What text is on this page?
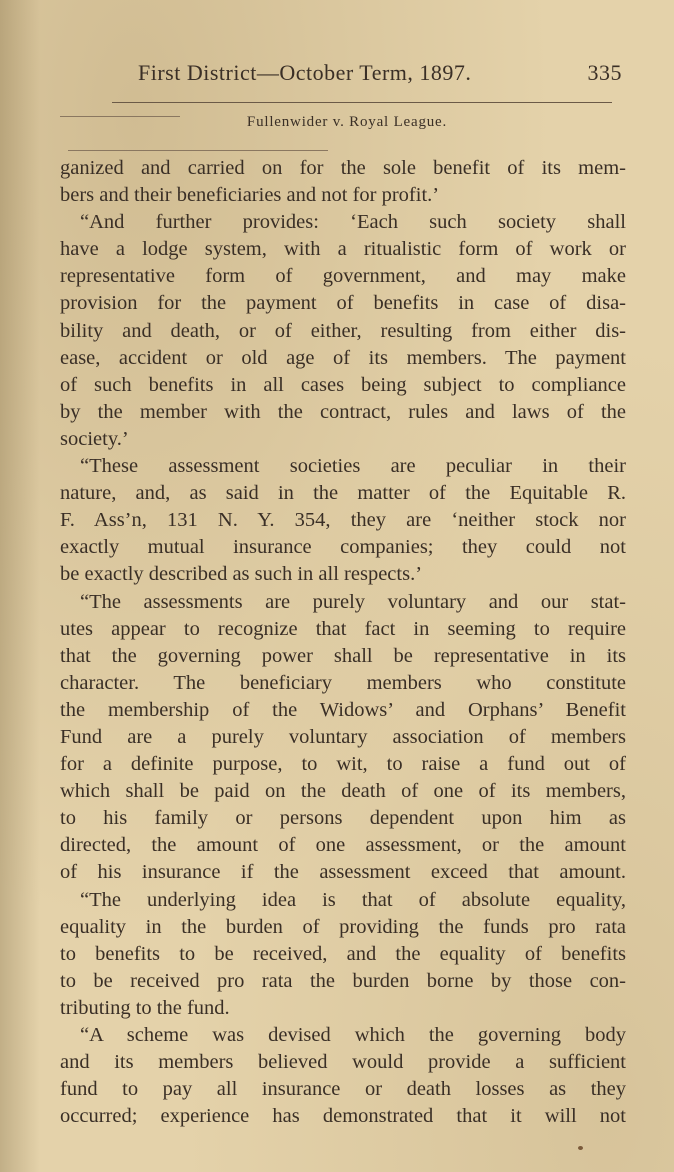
First District—October Term, 1897.	335
Fullenwider v. Royal League.
ganized and carried on for the sole benefit of its mem-
bers and their beneficiaries and not for profit.’
“And further provides: ‘Each such society shall
have a lodge system, with a ritualistic form of work or
representative form of government, and may make
provision for the payment of benefits in case of disa-
bility and death, or of either, resulting from either dis-
ease, accident or old age of its members. The payment
of such benefits in all cases being subject to compliance
by the member with the contract, rules and laws of the
society.’
“These assessment societies are peculiar in their
nature, and, as said in the matter of the Equitable R.
F. Ass’n, 131 N. Y. 354, they are ‘neither stock nor
exactly mutual insurance companies; they could not
be exactly described as such in all respects.’
“The assessments are purely voluntary and our stat-
utes appear to recognize that fact in seeming to require
that the governing power shall be representative in its
character. The beneficiary members who constitute
the membership of the Widows’ and Orphans’ Benefit
Fund are a purely voluntary association of members
for a definite purpose, to wit, to raise a fund out of
which shall be paid on the death of one of its members,
to his family or persons dependent upon him as
directed, the amount of one assessment, or the amount
of his insurance if the assessment exceed that amount.
“The underlying idea is that of absolute equality,
equality in the burden of providing the funds pro rata
to benefits to be received, and the equality of benefits
to be received pro rata the burden borne by those con-
tributing to the fund.
“A scheme was devised which the governing body
and its members believed would provide a sufficient
fund to pay all insurance or death losses as they
occurred; experience has demonstrated that it will not
